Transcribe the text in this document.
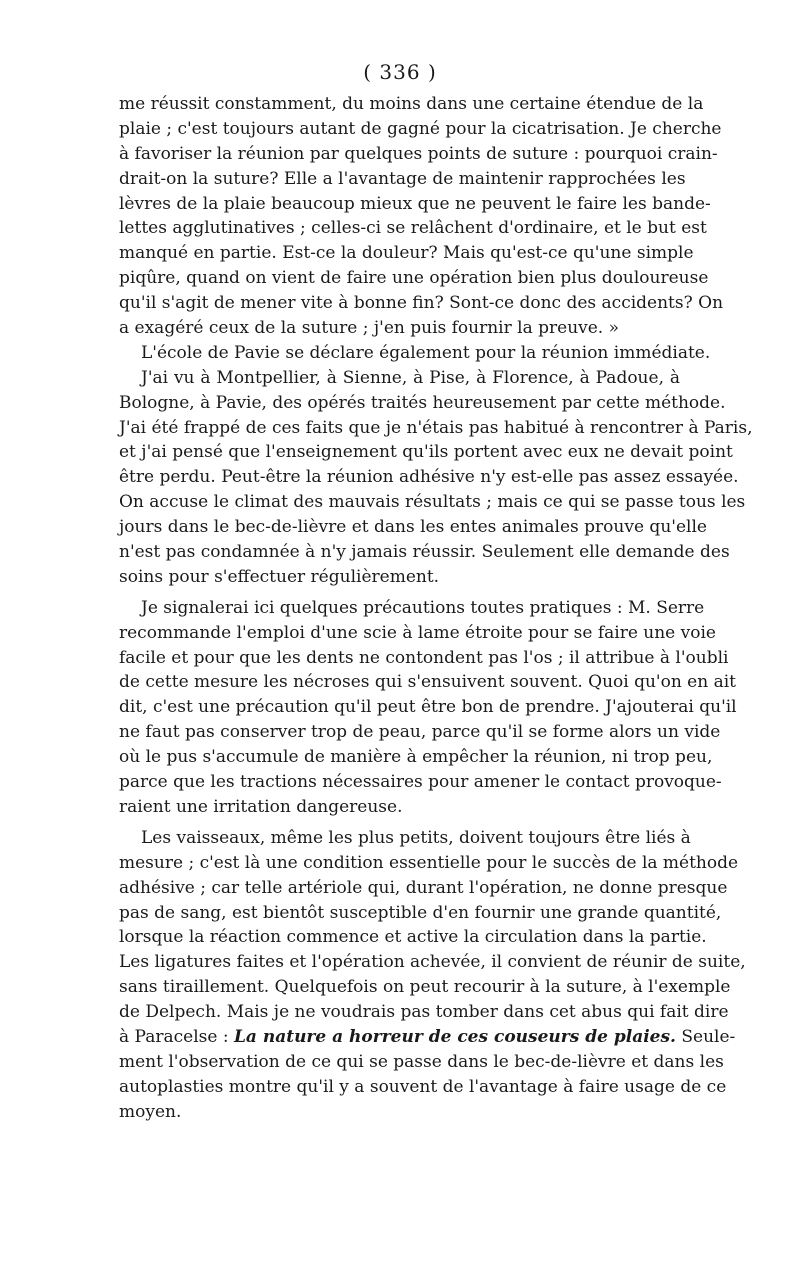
( 336 )
me réussit constamment, du moins dans une certaine étendue de la
plaie ; c'est toujours autant de gagné pour la cicatrisation. Je cherche
à favoriser la réunion par quelques points de suture : pourquoi crain-
drait-on la suture? Elle a l'avantage de maintenir rapprochées les
lèvres de la plaie beaucoup mieux que ne peuvent le faire les bande-
lettes agglutinatives ; celles-ci se relâchent d'ordinaire, et le but est
manqué en partie. Est-ce la douleur? Mais qu'est-ce qu'une simple
piqûre, quand on vient de faire une opération bien plus douloureuse
qu'il s'agit de mener vite à bonne fin? Sont-ce donc des accidents? On
a exagéré ceux de la suture ; j'en puis fournir la preuve. »
L'école de Pavie se déclare également pour la réunion immédiate.
J'ai vu à Montpellier, à Sienne, à Pise, à Florence, à Padoue, à
Bologne, à Pavie, des opérés traités heureusement par cette méthode.
J'ai été frappé de ces faits que je n'étais pas habitué à rencontrer à Paris,
et j'ai pensé que l'enseignement qu'ils portent avec eux ne devait point
être perdu. Peut-être la réunion adhésive n'y est-elle pas assez essayée.
On accuse le climat des mauvais résultats ; mais ce qui se passe tous les
jours dans le bec-de-lièvre et dans les entes animales prouve qu'elle
n'est pas condamnée à n'y jamais réussir. Seulement elle demande des
soins pour s'effectuer régulièrement.
Je signalerai ici quelques précautions toutes pratiques : M. Serre
recommande l'emploi d'une scie à lame étroite pour se faire une voie
facile et pour que les dents ne contondent pas l'os ; il attribue à l'oubli
de cette mesure les nécroses qui s'ensuivent souvent. Quoi qu'on en ait
dit, c'est une précaution qu'il peut être bon de prendre. J'ajouterai qu'il
ne faut pas conserver trop de peau, parce qu'il se forme alors un vide
où le pus s'accumule de manière à empêcher la réunion, ni trop peu,
parce que les tractions nécessaires pour amener le contact provoque-
raient une irritation dangereuse.
Les vaisseaux, même les plus petits, doivent toujours être liés à
mesure ; c'est là une condition essentielle pour le succès de la méthode
adhésive ; car telle artériole qui, durant l'opération, ne donne presque
pas de sang, est bientôt susceptible d'en fournir une grande quantité,
lorsque la réaction commence et active la circulation dans la partie.
Les ligatures faites et l'opération achevée, il convient de réunir de suite,
sans tiraillement. Quelquefois on peut recourir à la suture, à l'exemple
de Delpech. Mais je ne voudrais pas tomber dans cet abus qui fait dire
à Paracelse : La nature a horreur de ces couseurs de plaies. Seule-
ment l'observation de ce qui se passe dans le bec-de-lièvre et dans les
autoplasties montre qu'il y a souvent de l'avantage à faire usage de ce
moyen.
